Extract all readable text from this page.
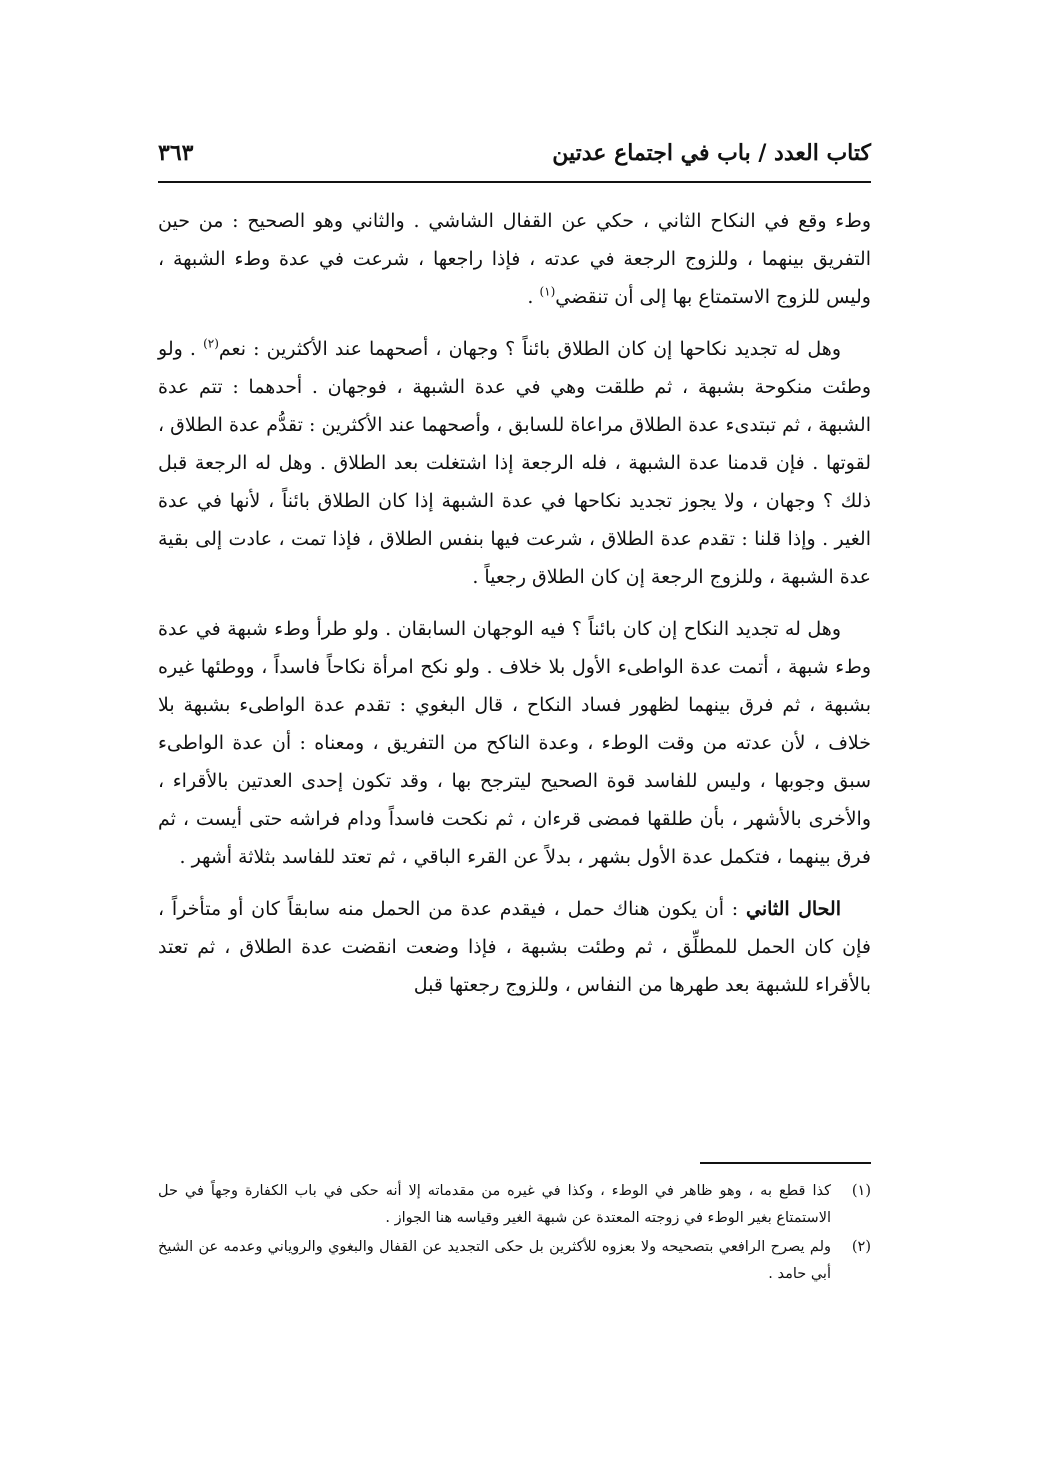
كتاب العدد / باب في اجتماع عدتين
٣٦٣

وطء وقع في النكاح الثاني ، حكي عن القفال الشاشي . والثاني وهو الصحيح : من حين التفريق بينهما ، وللزوج الرجعة في عدته ، فإذا راجعها ، شرعت في عدة وطء الشبهة ، وليس للزوج الاستمتاع بها إلى أن تنقضي$^{(١)}$ .

وهل له تجديد نكاحها إن كان الطلاق بائناً ؟ وجهان ، أصحهما عند الأكثرين : نعم$^{(٢)}$ . ولو وطئت منكوحة بشبهة ، ثم طلقت وهي في عدة الشبهة ، فوجهان . أحدهما : تتم عدة الشبهة ، ثم تبتدىء عدة الطلاق مراعاة للسابق ، وأصحهما عند الأكثرين : تقدُّم عدة الطلاق ، لقوتها . فإن قدمنا عدة الشبهة ، فله الرجعة إذا اشتغلت بعد الطلاق . وهل له الرجعة قبل ذلك ؟ وجهان ، ولا يجوز تجديد نكاحها في عدة الشبهة إذا كان الطلاق بائناً ، لأنها في عدة الغير . وإذا قلنا : تقدم عدة الطلاق ، شرعت فيها بنفس الطلاق ، فإذا تمت ، عادت إلى بقية عدة الشبهة ، وللزوج الرجعة إن كان الطلاق رجعياً .

وهل له تجديد النكاح إن كان بائناً ؟ فيه الوجهان السابقان . ولو طرأ وطء شبهة في عدة وطء شبهة ، أتمت عدة الواطىء الأول بلا خلاف . ولو نكح امرأة نكاحاً فاسداً ، ووطئها غيره بشبهة ، ثم فرق بينهما لظهور فساد النكاح ، قال البغوي : تقدم عدة الواطىء بشبهة بلا خلاف ، لأن عدته من وقت الوطء ، وعدة الناكح من التفريق ، ومعناه : أن عدة الواطىء سبق وجوبها ، وليس للفاسد قوة الصحيح ليترجح بها ، وقد تكون إحدى العدتين بالأقراء ، والأخرى بالأشهر ، بأن طلقها فمضى قرءان ، ثم نكحت فاسداً ودام فراشه حتى أيست ، ثم فرق بينهما ، فتكمل عدة الأول بشهر ، بدلاً عن القرء الباقي ، ثم تعتد للفاسد بثلاثة أشهر .

الحال الثاني : أن يكون هناك حمل ، فيقدم عدة من الحمل منه سابقاً كان أو متأخراً ، فإن كان الحمل للمطلِّق ، ثم وطئت بشبهة ، فإذا وضعت انقضت عدة الطلاق ، ثم تعتد بالأقراء للشبهة بعد طهرها من النفاس ، وللزوج رجعتها قبل

(١)
كذا قطع به ، وهو ظاهر في الوطء ، وكذا في غيره من مقدماته إلا أنه حكى في باب الكفارة وجهاً في حل الاستمتاع بغير الوطء في زوجته المعتدة عن شبهة الغير وقياسه هنا الجواز .
(٢)
ولم يصرح الرافعي بتصحيحه ولا بعزوه للأكثرين بل حكى التجديد عن القفال والبغوي والروياني وعدمه عن الشيخ أبي حامد .
